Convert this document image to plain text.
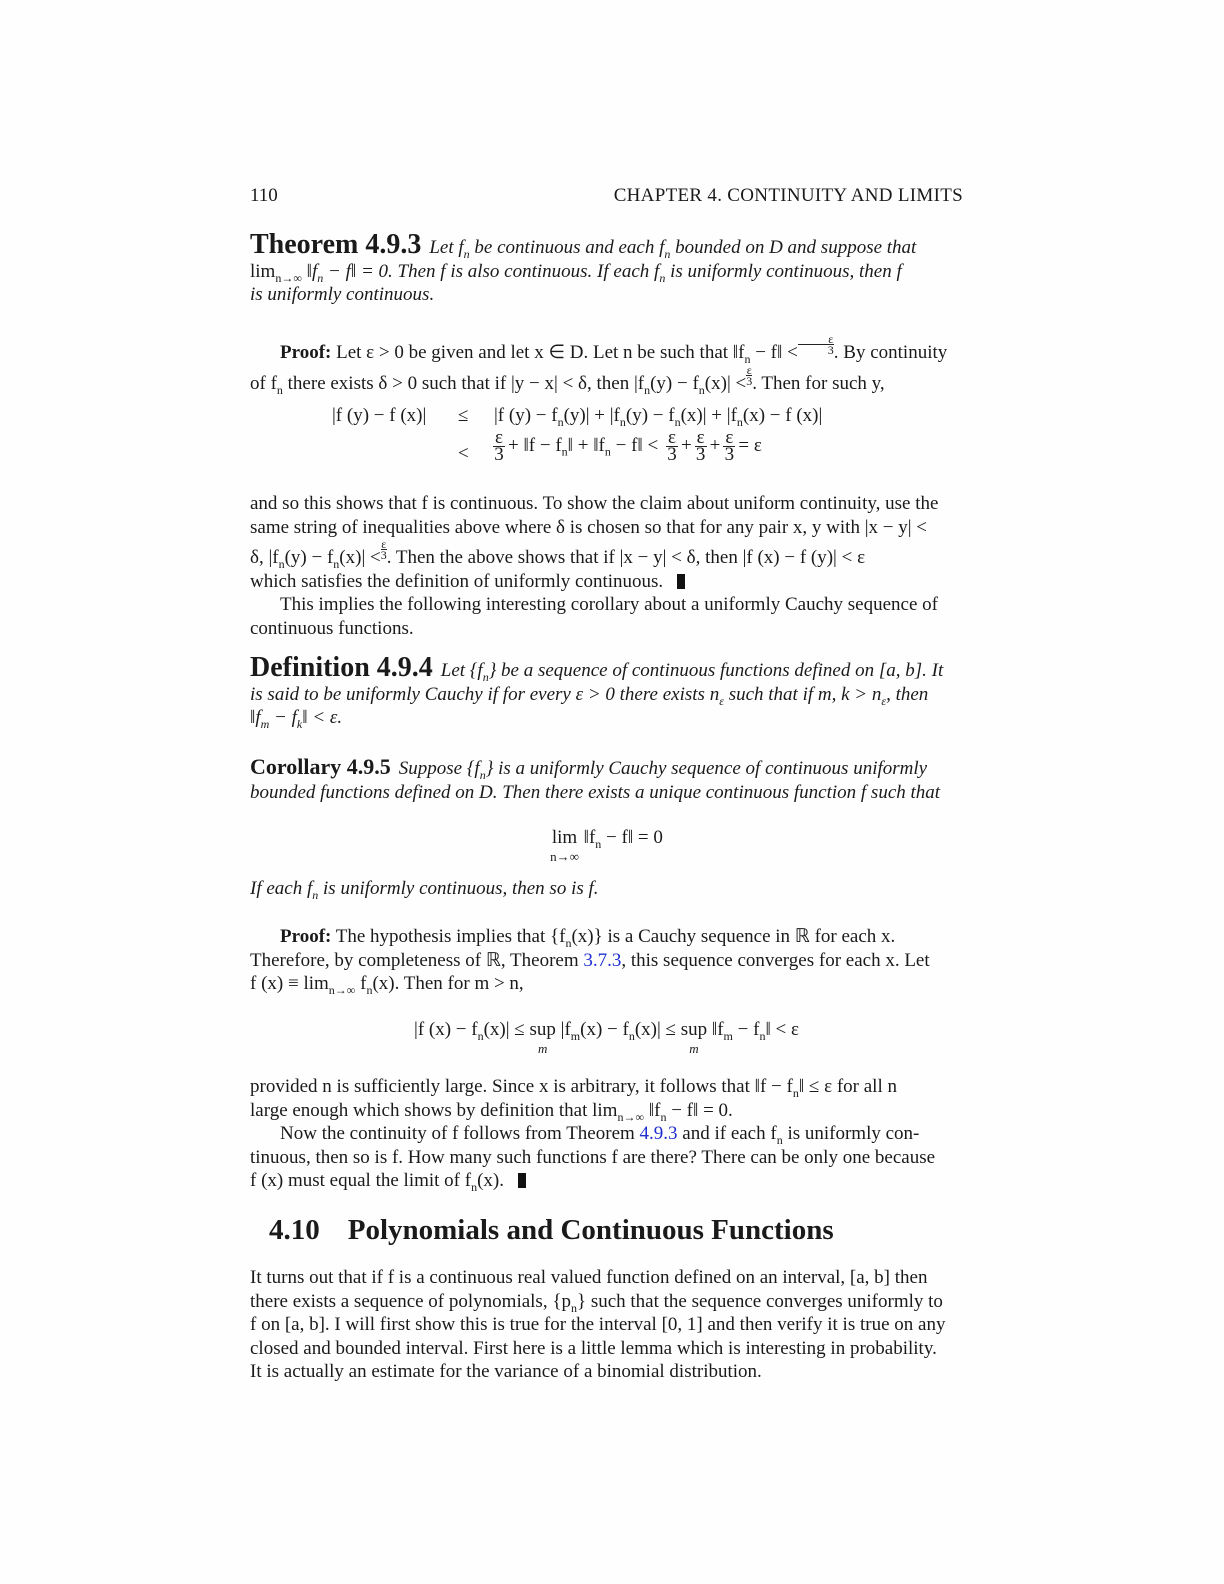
110	CHAPTER 4. CONTINUITY AND LIMITS

Theorem 4.9.3 Let $f_n$ be continuous and each $f_n$ bounded on D and suppose that

$\lim_{n\to\infty}$ $‖f_n$ − f‖ = 0. Then f is also continuous. If each $f_n$ is uniformly continuous, then f

is uniformly continuous.

Proof: Let ε > 0 be given and let x ∈ D. Let n be such that $‖f_n$ − f‖ < $\frac{\varepsilon}{3}$ . By continuity

of $f_n$ there exists δ > 0 such that if |y − x| < δ, then $|f_n(y) - f_n(x)| < \frac{\varepsilon}{3}$ . Then for such y,

|f (y) − f (x)| ≤ |f $(y) - f_n(y)| + |f_n(y) - f_n(x)| + |f_n(x) - f$ (x)|
< $\frac{\varepsilon}{3}$ + ‖f − $f_n‖$ + $‖f_n$ − f‖ < $\frac{\varepsilon}{3} + \frac{\varepsilon}{3} + \frac{\varepsilon}{3} = \varepsilon$

and so this shows that f is continuous. To show the claim about uniform continuity, use the

same string of inequalities above where δ is chosen so that for any pair x, y with |x − y| <

δ, $|f_n(y) - f_n(x)| < \frac{\varepsilon}{3}$ . Then the above shows that if |x − y| < δ, then |f (x) − f (y)| < ε

which satisfies the definition of uniformly continuous.

This implies the following interesting corollary about a uniformly Cauchy sequence of

continuous functions.

Definition 4.9.4 Let $\{f_n\}$ be a sequence of continuous functions defined on [a, b]. It

is said to be uniformly Cauchy if for every ε > 0 there exists $n_\varepsilon$ such that if m, $k > n_\varepsilon$, then

$‖f_m$ − $f_k‖ < \varepsilon$.

Corollary 4.9.5 Suppose $\{f_n\}$ is a uniformly Cauchy sequence of continuous uniformly

bounded functions defined on D. Then there exists a unique continuous function f such that

lim
n→∞
$‖f_n$ − f‖ = 0

If each $f_n$ is uniformly continuous, then so is f.

Proof: The hypothesis implies that $\{f_n(x)\}$ is a Cauchy sequence in ℝ for each x.

Therefore, by completeness of ℝ, Theorem 3.7.3, this sequence converges for each x. Let

f $(x) \equiv \lim_{n\to\infty} f_n(x)$. Then for m > n,

|f $(x) - f_n(x)|$ ≤ sup
m
$|f_m(x) - f_n(x)|$ ≤ sup
m
$‖f_m$ − $f_n‖ < \varepsilon$

provided n is sufficiently large. Since x is arbitrary, it follows that ‖f − $f_n‖ \le \varepsilon$ for all n

large enough which shows by definition that $\lim_{n\to\infty}$ $‖f_n$ − f‖ = 0.

Now the continuity of f follows from Theorem 4.9.3 and if each $f_n$ is uniformly con-

tinuous, then so is f. How many such functions f are there? There can be only one because

f (x) must equal the limit of $f_n(x)$.

4.10 Polynomials and Continuous Functions

It turns out that if f is a continuous real valued function defined on an interval, [a, b] then

there exists a sequence of polynomials, $\{p_n\}$ such that the sequence converges uniformly to

f on [a, b]. I will first show this is true for the interval [0, 1] and then verify it is true on any

closed and bounded interval. First here is a little lemma which is interesting in probability.

It is actually an estimate for the variance of a binomial distribution.
